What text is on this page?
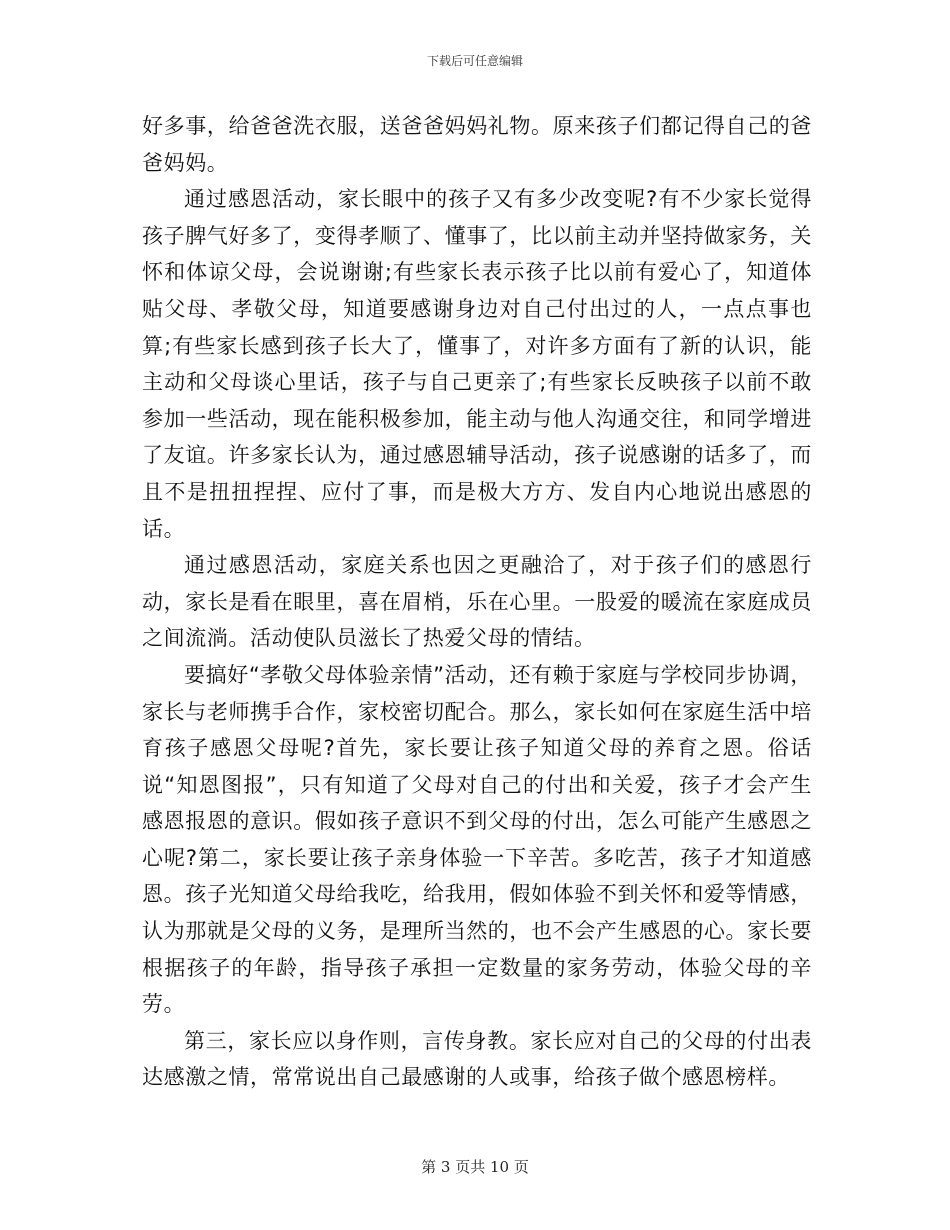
下载后可任意编辑

好多事，给爸爸洗衣服，送爸爸妈妈礼物。原来孩子们都记得自己的爸爸妈妈。

通过感恩活动，家长眼中的孩子又有多少改变呢?有不少家长觉得孩子脾气好多了，变得孝顺了、懂事了，比以前主动并坚持做家务，关怀和体谅父母，会说谢谢;有些家长表示孩子比以前有爱心了，知道体贴父母、孝敬父母，知道要感谢身边对自己付出过的人，一点点事也算;有些家长感到孩子长大了，懂事了，对许多方面有了新的认识，能主动和父母谈心里话，孩子与自己更亲了;有些家长反映孩子以前不敢参加一些活动，现在能积极参加，能主动与他人沟通交往，和同学增进了友谊。许多家长认为，通过感恩辅导活动，孩子说感谢的话多了，而且不是扭扭捏捏、应付了事，而是极大方方、发自内心地说出感恩的话。

通过感恩活动，家庭关系也因之更融洽了，对于孩子们的感恩行动，家长是看在眼里，喜在眉梢，乐在心里。一股爱的暖流在家庭成员之间流淌。活动使队员滋长了热爱父母的情结。

要搞好“孝敬父母体验亲情”活动，还有赖于家庭与学校同步协调，家长与老师携手合作，家校密切配合。那么，家长如何在家庭生活中培育孩子感恩父母呢?首先，家长要让孩子知道父母的养育之恩。俗话说“知恩图报”，只有知道了父母对自己的付出和关爱，孩子才会产生感恩报恩的意识。假如孩子意识不到父母的付出，怎么可能产生感恩之心呢?第二，家长要让孩子亲身体验一下辛苦。多吃苦，孩子才知道感恩。孩子光知道父母给我吃，给我用，假如体验不到关怀和爱等情感，认为那就是父母的义务，是理所当然的，也不会产生感恩的心。家长要根据孩子的年龄，指导孩子承担一定数量的家务劳动，体验父母的辛劳。

第三，家长应以身作则，言传身教。家长应对自己的父母的付出表达感激之情，常常说出自己最感谢的人或事，给孩子做个感恩榜样。

第 3 页共 10 页
